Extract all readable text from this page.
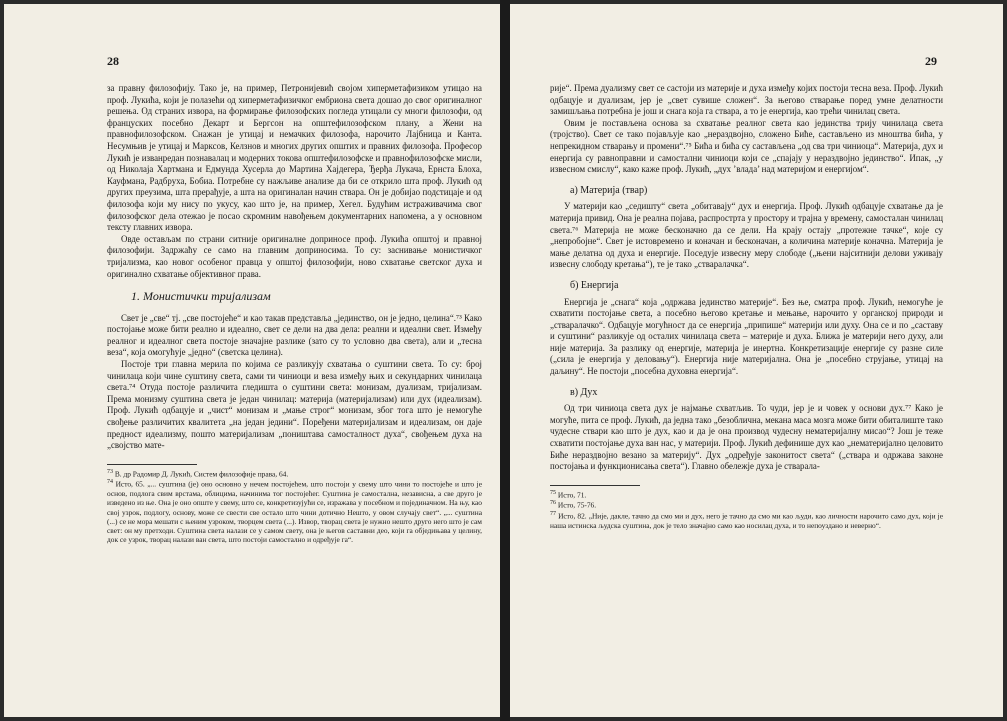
28

за правну филозофију. Тако је, на пример, Петронијевић својом хиперметафизиком утицао на проф. Лукића, који је полазећи од хиперметафизичког ембриона света дошао до свог оригиналног решења. Од страних извора, на формирање филозофских погледа утицали су многи филозофи, од француских посебно Декарт и Бергсон на општефилозофском плану, а Жени на правнофилозофском. Снажан је утицај и немачких филозофа, нарочито Лајбница и Канта. Несумњив је утицај и Марксов, Келзнов и многих других општих и правних филозофа. Професор Лукић је изванредан познавалац и модерних токова општефилозофске и правнофилозофске мисли, од Николаја Хартмана и Едмунда Хусерла до Мартина Хајдегера, Ђерђа Лукача, Ернста Блоха, Кауфмана, Радбруха, Бобиа. Потребне су нажљиве анализе да би се открило шта проф. Лукић од других преузима, шта прерађује, а шта на оригиналан начин ствара. Он је добијао подстицаје и од филозофа који му нису по укусу, као што је, на пример, Хегел. Будућим истраживачима свог филозофског дела отежао је посао скромним навођењем документарних напомена, а у основном тексту главних извора.

Овде остављам по страни ситније оригиналне доприносе проф. Лукића општој и правној филозофији. Задржаћу се само на главним доприносима. То су: заснивање монистичког тријализма, као новог особеног правца у општој филозофији, ново схватање светског духа и оригинално схватање објективног права.

1. Монистички тријализам

Свет је „све“ тј. „све постојеће“ и као такав представља „јединство, он је једно, целина“.⁷³ Како постојање може бити реално и идеално, свет се дели на два дела: реални и идеални свет. Између реалног и идеалног света постоје значајне разлике (зато су то условно два света), али и „тесна веза“, која омогућује „једно“ (светска целина).

Постоје три главна мерила по којима се разликују схватања о суштини света. То су: број чинилаца који чине суштину света, сами ти чиниоци и веза између њих и секундарних чинилаца света.⁷⁴ Отуда постоје различита гледишта о суштини света: монизам, дуализам, тријализам. Према монизму суштина света је један чинилац: материја (материјализам) или дух (идеализам). Проф. Лукић одбацује и „чист“ монизам и „мање строг“ монизам, због тога што је немогуће свођење различитих квалитета „на један једини“. Поређени материјализам и идеализам, он даје предност идеализму, пошто материјализам „поништава самосталност духа“, свођењем духа на „својство мате-

$^{73}$ В. др Радомир Д. Лукић, Систем филозофије права, 64.

$^{74}$ Исто, 65. „... суштина (је) оно основно у нечем постојећем, што постоји у свему што чини то постојеће и што је основ, подлога свим врстама, облицима, начинима тог постојећег. Суштина је самостална, независна, а све друго је изведено из ње. Она је оно опште у свему, што се, конкретизујући се, изражава у посебном и појединачном. На њу, као свој узрок, подлогу, основу, може се свести све остало што чини дотично Нешто, у овом случају свет“. „... суштина (...) се не мора мешати с њеним узроком, творцем света (...). Извор, творац света је нужно нешто друго него што је сам свет: он му претходи. Суштина света налази се у самом свету, она је његов саставни део, који га обједињава у целину, док се узрок, творац налази ван света, што постоји самостално и одређује га“.

29

рије“. Према дуализму свет се састоји из материје и духа између којих постоји тесна веза. Проф. Лукић одбацује и дуализам, јер је „свет сувише сложен“. За његово стварање поред умне делатности замишљања потребна је још и снага која га ствара, а то је енергија, као трећи чинилац света.

Овим је постављена основа за схватање реалног света као јединства трију чинилаца света (тројство). Свет се тако појављује као „нераздвојно, сложено Биће, састављено из мноштва бића, у непрекидном стварању и промени“.⁷⁵ Бића и бића су састављена „од сва три чиниоца“. Материја, дух и енергија су равноправни и самостални чиниоци који се „спајају у нераздвојно јединство“. Ипак, „у извесном смислу“, како каже проф. Лукић, „дух ’влада’ над материјом и енергијом“.

а) Материја (твар)

У материји као „седишту“ света „обитавају“ дух и енергија. Проф. Лукић одбацује схватање да је материја привид. Она је реална појава, распрострта у простору и трајна у времену, самосталан чинилац света.⁷⁶ Материја не може бесконачно да се дели. На крају остају „протежне тачке“, које су „непробојне“. Свет је истовремено и коначан и бесконачан, а количина материје коначна. Материја је мање делатна од духа и енергије. Поседује извесну меру слободе („њени најситнији делови уживају извесну слободу кретања“), те је тако „стваралачка“.

б) Енергија

Енергија је „снага“ која „одржава јединство материје“. Без ње, сматра проф. Лукић, немогуће је схватити постојање света, а посебно његово кретање и мењање, нарочито у органској природи и „стваралачко“. Одбацује могућност да се енергија „припише“ материји или духу. Она се и по „саставу и суштини“ разликује од осталих чинилаца света – материје и духа. Ближа је материји него духу, али није материја. За разлику од енергије, материја је инертна. Конкретизације енергије су разне силе („сила је енергија у деловању“). Енергија није материјална. Она је „посебно струјање, утицај на даљину“. Не постоји „посебна духовна енергија“.

в) Дух

Од три чиниоца света дух је најмање схватљив. То чуди, јер је и човек у основи дух.⁷⁷ Како је могуће, пита се проф. Лукић, да једна тако „безоблична, мекана маса мозга може бити обиталиште тако чудесне ствари као што је дух, као и да је она производ чудесну нематеријалну мисао“? Још је теже схватити постојање духа ван нас, у материји. Проф. Лукић дефинише дух као „нематеријално целовито Биће нераздвојно везано за материју“. Дух „одређује законитост света“ („ствара и одржава законе постојања и функционисања света“). Главно обележје духа је стварала-

$^{75}$ Исто, 71.

$^{76}$ Исто, 75-76.

$^{77}$ Исто, 82. „Није, дакле, тачно да смо ми и дух, него је тачно да смо ми као људи, као личности нарочито само дух, који је наша истинска људска суштина, док је тело значајно само као носилац духа, и то непоуздано и неверно“.
